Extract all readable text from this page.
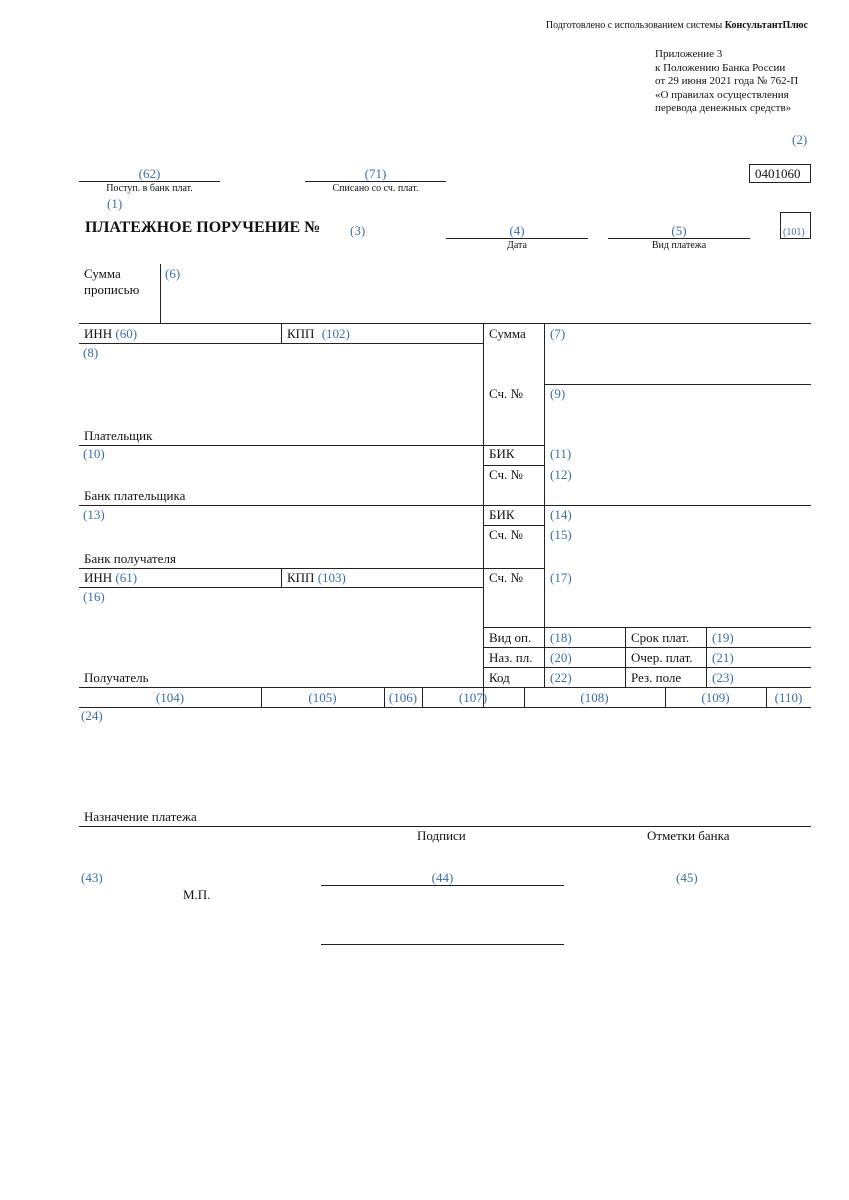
Подготовлено с использованием системы КонсультантПлюс
Приложение 3
к Положению Банка России
от 29 июня 2021 года № 762-П
«О правилах осуществления
перевода денежных средств»
(2)
(62)
Поступ. в банк плат.
(1)
(71)
Списано со сч. плат.
0401060
ПЛАТЕЖНОЕ ПОРУЧЕНИЕ № (3)	(4)
Дата
(5)
Вид платежа
(101)
Сумма
прописью
(6)
ИНН (60)	КПП (102)	Сумма (7)
(8)
Сч. № (9)
Плательщик
(10)	БИК	(11)
Сч. № (12)
Банк плательщика
(13)	БИК	(14)
Сч. № (15)
Банк получателя
ИНН (61)	КПП (103)	Сч. № (17)
(16)
Вид оп. (18)	Срок плат. (19)
Наз. пл. (20)	Очер. плат. (21)
Код	(22)	Рез. поле (23)
Получатель
(104)	(105)	(106)	(107)	(108)	(109)	(110)
(24)
Назначение платежа
Подписи	Отметки банка
(43)	(44)	(45)
М.П.
